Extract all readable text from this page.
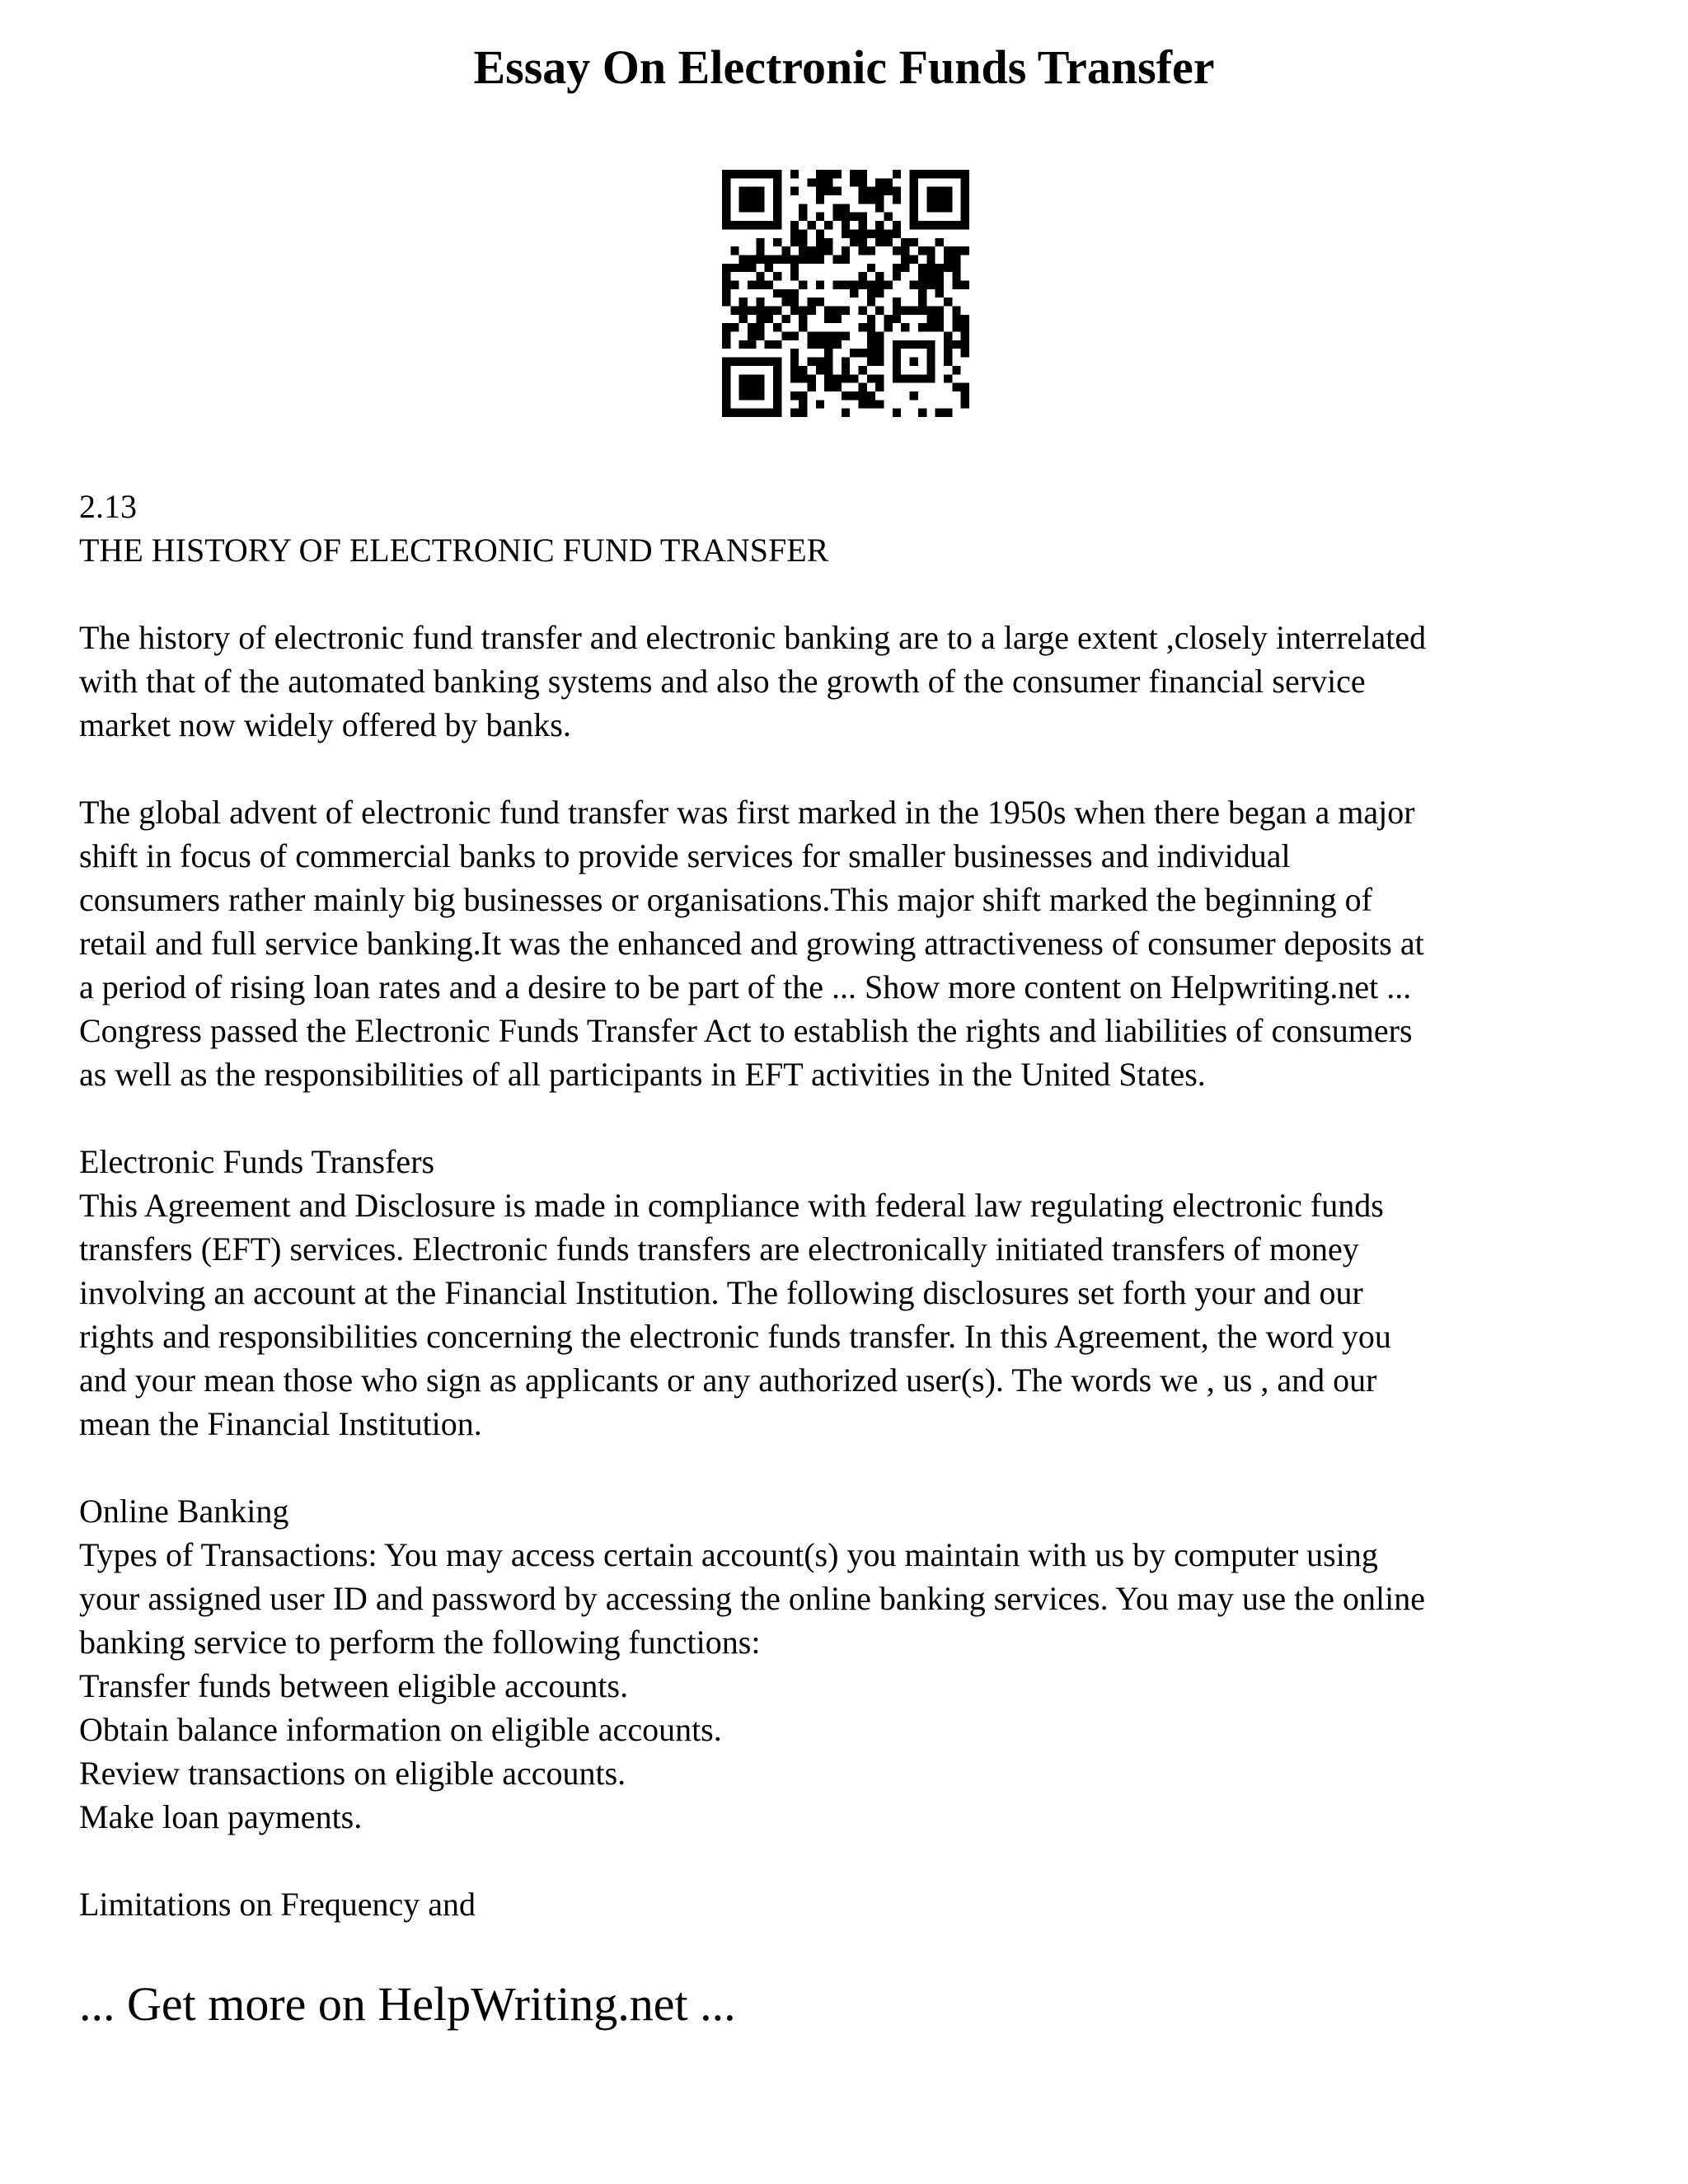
Essay On Electronic Funds Transfer

2.13

THE HISTORY OF ELECTRONIC FUND TRANSFER

The history of electronic fund transfer and electronic banking are to a large extent ,closely interrelated

with that of the automated banking systems and also the growth of the consumer financial service

market now widely offered by banks.

The global advent of electronic fund transfer was first marked in the 1950s when there began a major

shift in focus of commercial banks to provide services for smaller businesses and individual

consumers rather mainly big businesses or organisations.This major shift marked the beginning of

retail and full service banking.It was the enhanced and growing attractiveness of consumer deposits at

a period of rising loan rates and a desire to be part of the ... Show more content on Helpwriting.net ...

Congress passed the Electronic Funds Transfer Act to establish the rights and liabilities of consumers

as well as the responsibilities of all participants in EFT activities in the United States.

Electronic Funds Transfers

This Agreement and Disclosure is made in compliance with federal law regulating electronic funds

transfers (EFT) services. Electronic funds transfers are electronically initiated transfers of money

involving an account at the Financial Institution. The following disclosures set forth your and our

rights and responsibilities concerning the electronic funds transfer. In this Agreement, the word you

and your mean those who sign as applicants or any authorized user(s). The words we , us , and our

mean the Financial Institution.

Online Banking

Types of Transactions: You may access certain account(s) you maintain with us by computer using

your assigned user ID and password by accessing the online banking services. You may use the online

banking service to perform the following functions:

Transfer funds between eligible accounts.

Obtain balance information on eligible accounts.

Review transactions on eligible accounts.

Make loan payments.

Limitations on Frequency and

... Get more on HelpWriting.net ...
